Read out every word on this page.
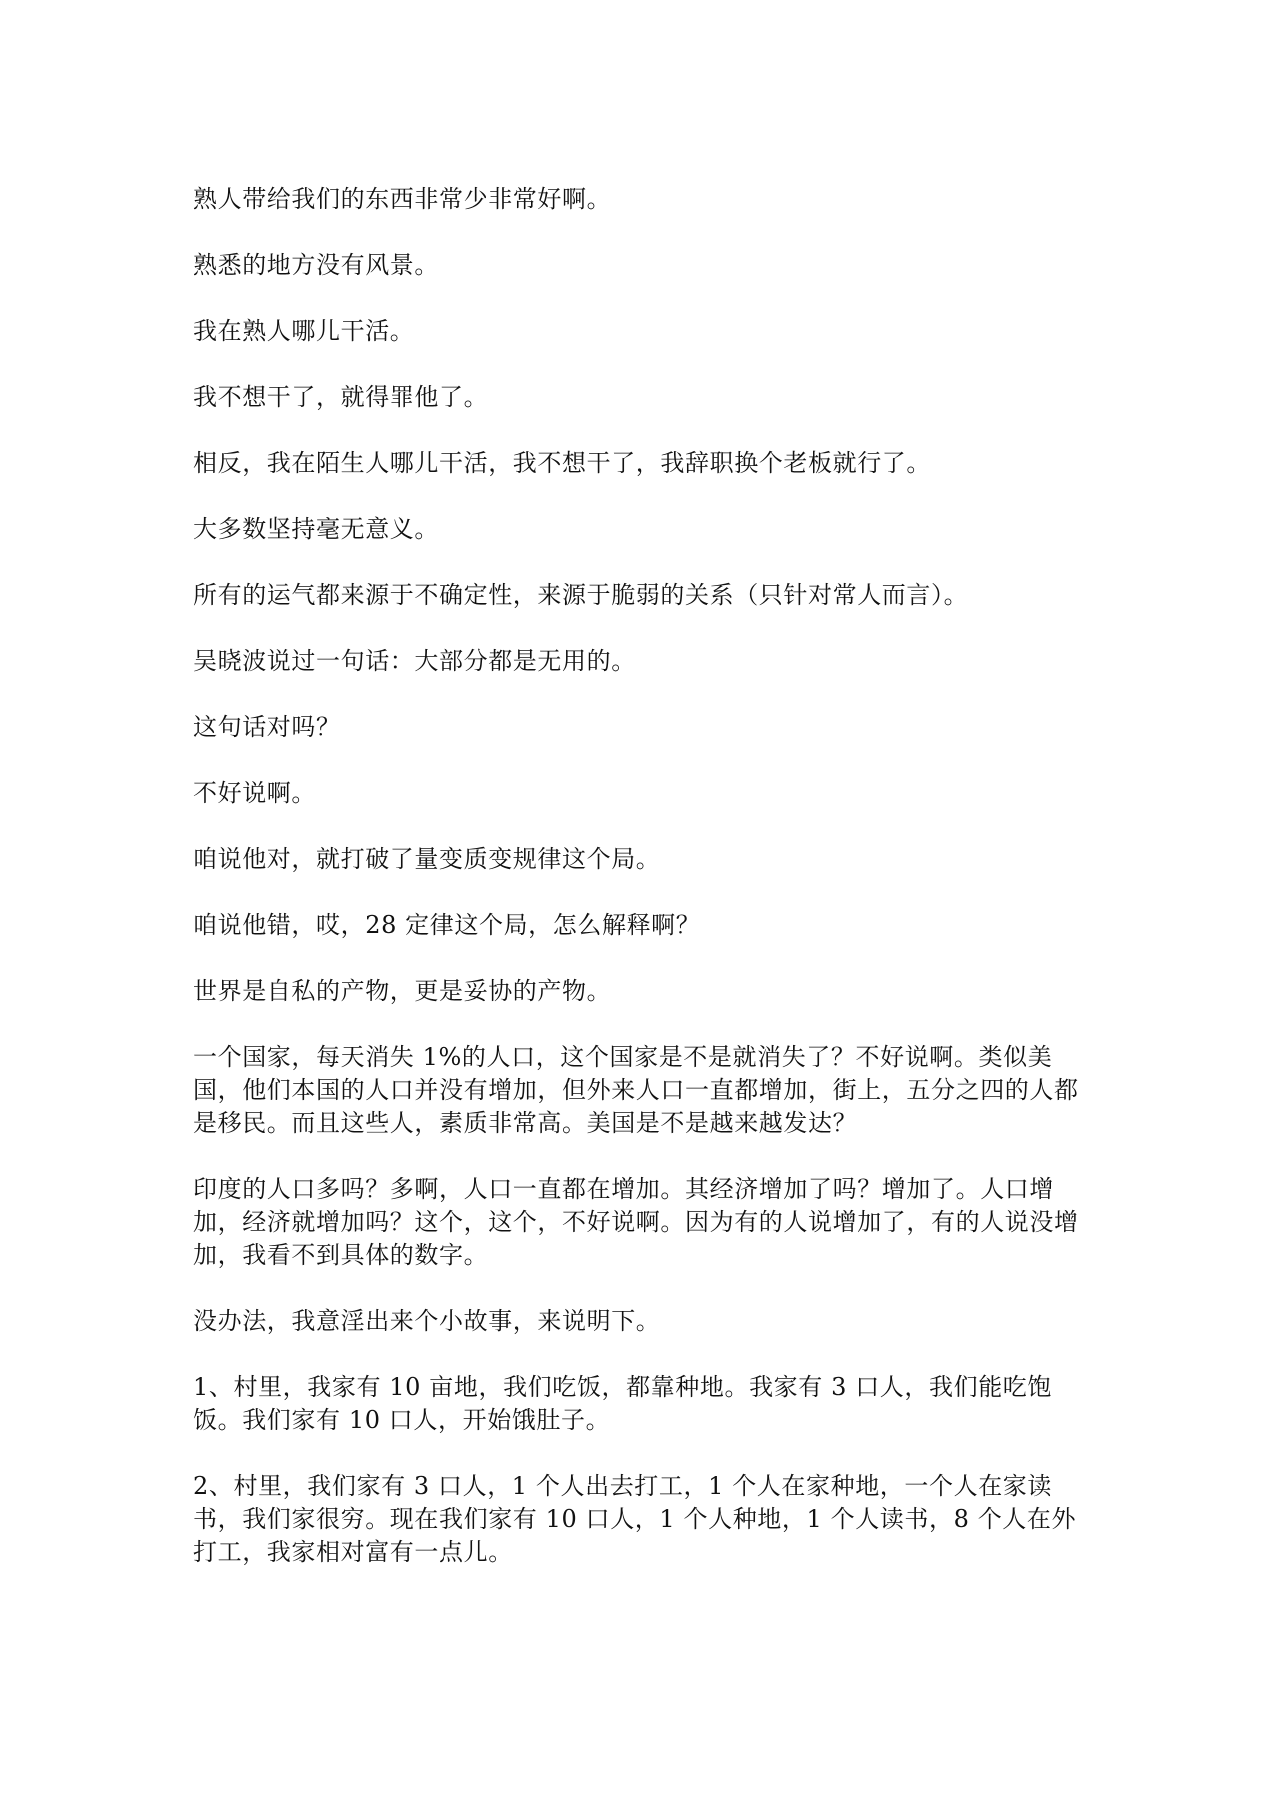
熟人带给我们的东西非常少非常好啊。

熟悉的地方没有风景。

我在熟人哪儿干活。

我不想干了，就得罪他了。

相反，我在陌生人哪儿干活，我不想干了，我辞职换个老板就行了。

大多数坚持毫无意义。

所有的运气都来源于不确定性，来源于脆弱的关系（只针对常人而言）。

吴晓波说过一句话：大部分都是无用的。

这句话对吗？

不好说啊。

咱说他对，就打破了量变质变规律这个局。

咱说他错，哎，28 定律这个局，怎么解释啊？

世界是自私的产物，更是妥协的产物。

一个国家，每天消失 1%的人口，这个国家是不是就消失了？不好说啊。类似美国，他们本国的人口并没有增加，但外来人口一直都增加，街上，五分之四的人都是移民。而且这些人，素质非常高。美国是不是越来越发达？

印度的人口多吗？多啊，人口一直都在增加。其经济增加了吗？增加了。人口增加，经济就增加吗？这个，这个，不好说啊。因为有的人说增加了，有的人说没增加，我看不到具体的数字。

没办法，我意淫出来个小故事，来说明下。

1、村里，我家有 10 亩地，我们吃饭，都靠种地。我家有 3 口人，我们能吃饱饭。我们家有 10 口人，开始饿肚子。

2、村里，我们家有 3 口人，1 个人出去打工，1 个人在家种地，一个人在家读书，我们家很穷。现在我们家有 10 口人，1 个人种地，1 个人读书，8 个人在外打工，我家相对富有一点儿。
